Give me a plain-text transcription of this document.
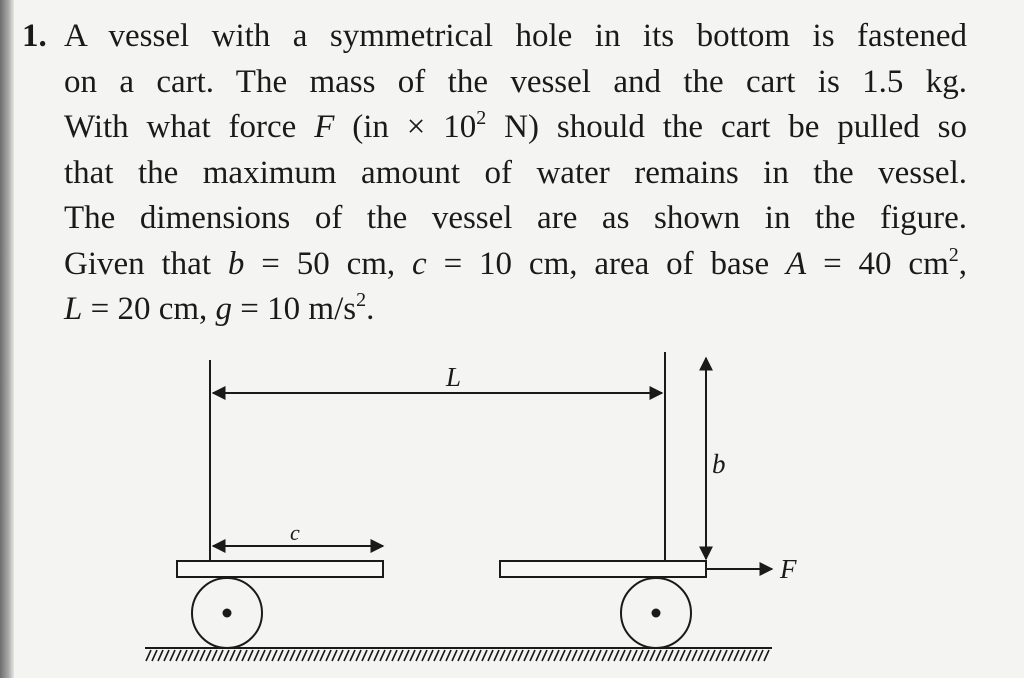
1. A vessel with a symmetrical hole in its bottom is fastened
on a cart. The mass of the vessel and the cart is 1.5 kg.
With what force F ($in \times 10^2$ N) should the cart be pulled so
that the maximum amount of water remains in the vessel.
The dimensions of the vessel are as shown in the figure.
Given that b = 50 cm, c = 10 cm, area of base A = 40 $cm^2$,
L = 20 cm, g = 10 $m/s^2$.
L
b
c
F
